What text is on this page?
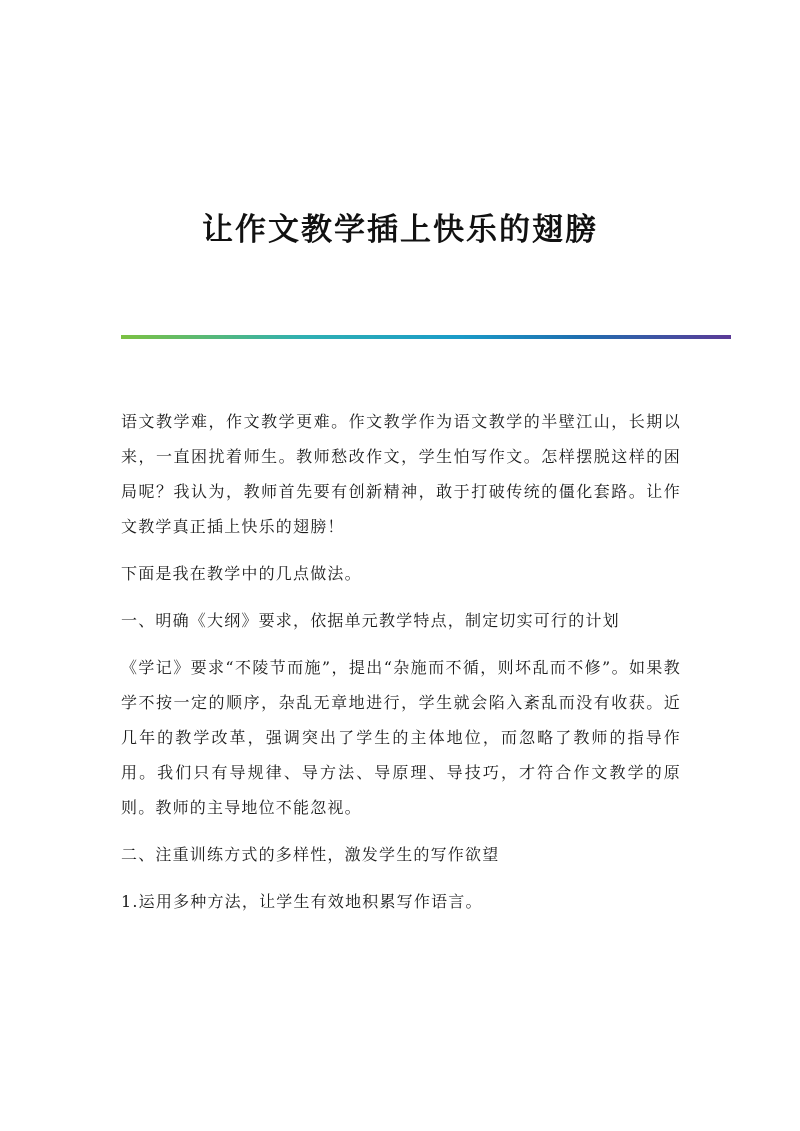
让作文教学插上快乐的翅膀

语文教学难，作文教学更难。作文教学作为语文教学的半壁江山，长期以来，一直困扰着师生。教师愁改作文，学生怕写作文。怎样摆脱这样的困局呢？我认为，教师首先要有创新精神，敢于打破传统的僵化套路。让作文教学真正插上快乐的翅膀！

下面是我在教学中的几点做法。

一、明确《大纲》要求，依据单元教学特点，制定切实可行的计划

《学记》要求“不陵节而施”，提出“杂施而不循，则坏乱而不修”。如果教学不按一定的顺序，杂乱无章地进行，学生就会陷入紊乱而没有收获。近几年的教学改革，强调突出了学生的主体地位，而忽略了教师的指导作用。我们只有导规律、导方法、导原理、导技巧，才符合作文教学的原则。教师的主导地位不能忽视。

二、注重训练方式的多样性，激发学生的写作欲望

1.运用多种方法，让学生有效地积累写作语言。
